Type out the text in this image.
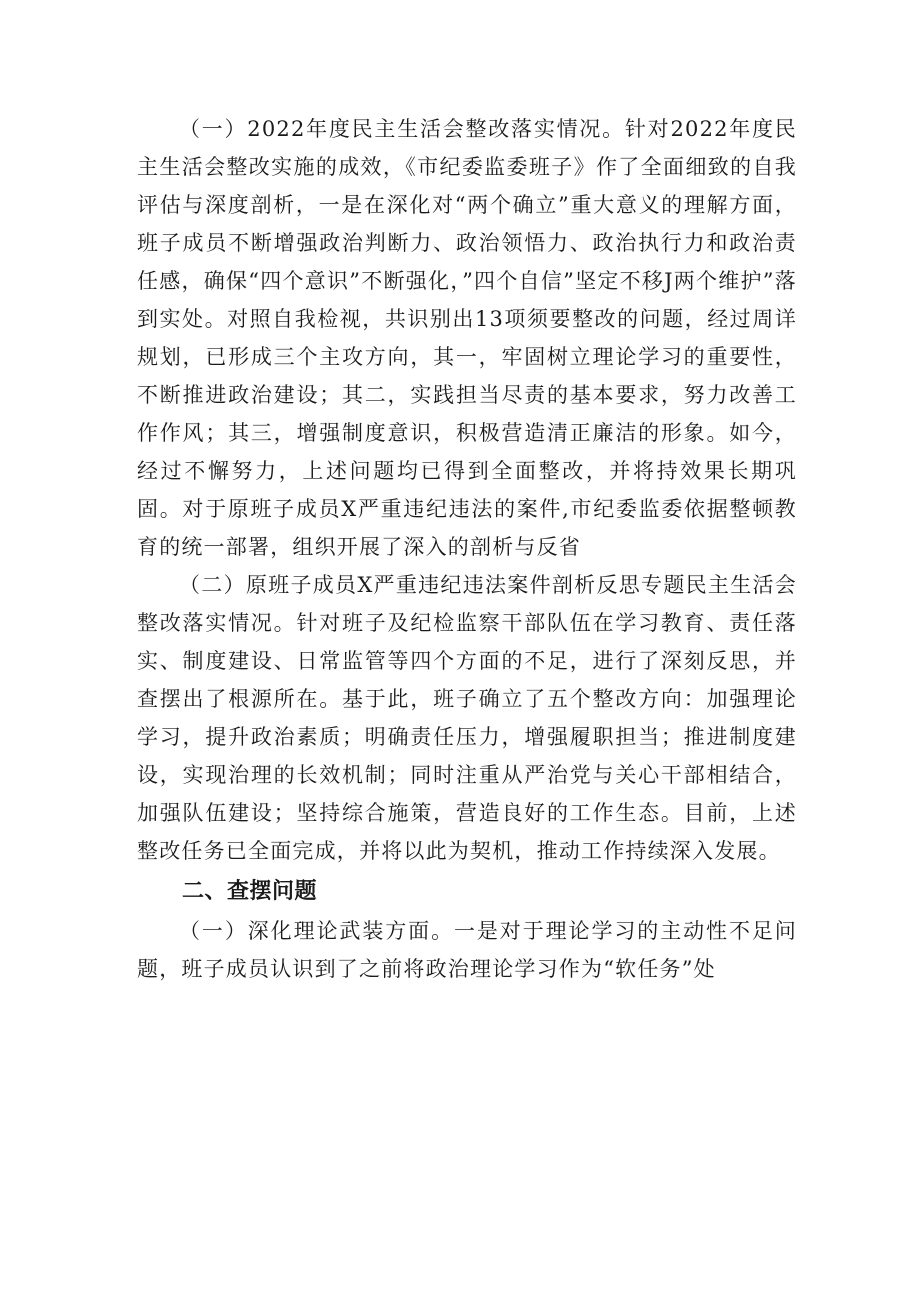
（一）2022年度民主生活会整改落实情况。针对2022年度民主生活会整改实施的成效，《市纪委监委班子》作了全面细致的自我评估与深度剖析，一是在深化对“两个确立”重大意义的理解方面，班子成员不断增强政治判断力、政治领悟力、政治执行力和政治责任感，确保“四个意识”不断强化，”四个自信”坚定不移J两个维护”落到实处。对照自我检视，共识别出13项须要整改的问题，经过周详规划，已形成三个主攻方向，其一，牢固树立理论学习的重要性，不断推进政治建设；其二，实践担当尽责的基本要求，努力改善工作作风；其三，增强制度意识，积极营造清正廉洁的形象。如今，经过不懈努力，上述问题均已得到全面整改，并将持效果长期巩固。对于原班子成员X严重违纪违法的案件,市纪委监委依据整顿教育的统一部署，组织开展了深入的剖析与反省

（二）原班子成员X严重违纪违法案件剖析反思专题民主生活会整改落实情况。针对班子及纪检监察干部队伍在学习教育、责任落实、制度建设、日常监管等四个方面的不足，进行了深刻反思，并查摆出了根源所在。基于此，班子确立了五个整改方向：加强理论学习，提升政治素质；明确责任压力，增强履职担当；推进制度建设，实现治理的长效机制；同时注重从严治党与关心干部相结合，加强队伍建设；坚持综合施策，营造良好的工作生态。目前，上述整改任务已全面完成，并将以此为契机，推动工作持续深入发展。

二、查摆问题

（一）深化理论武装方面。一是对于理论学习的主动性不足问题，班子成员认识到了之前将政治理论学习作为“软任务”处
